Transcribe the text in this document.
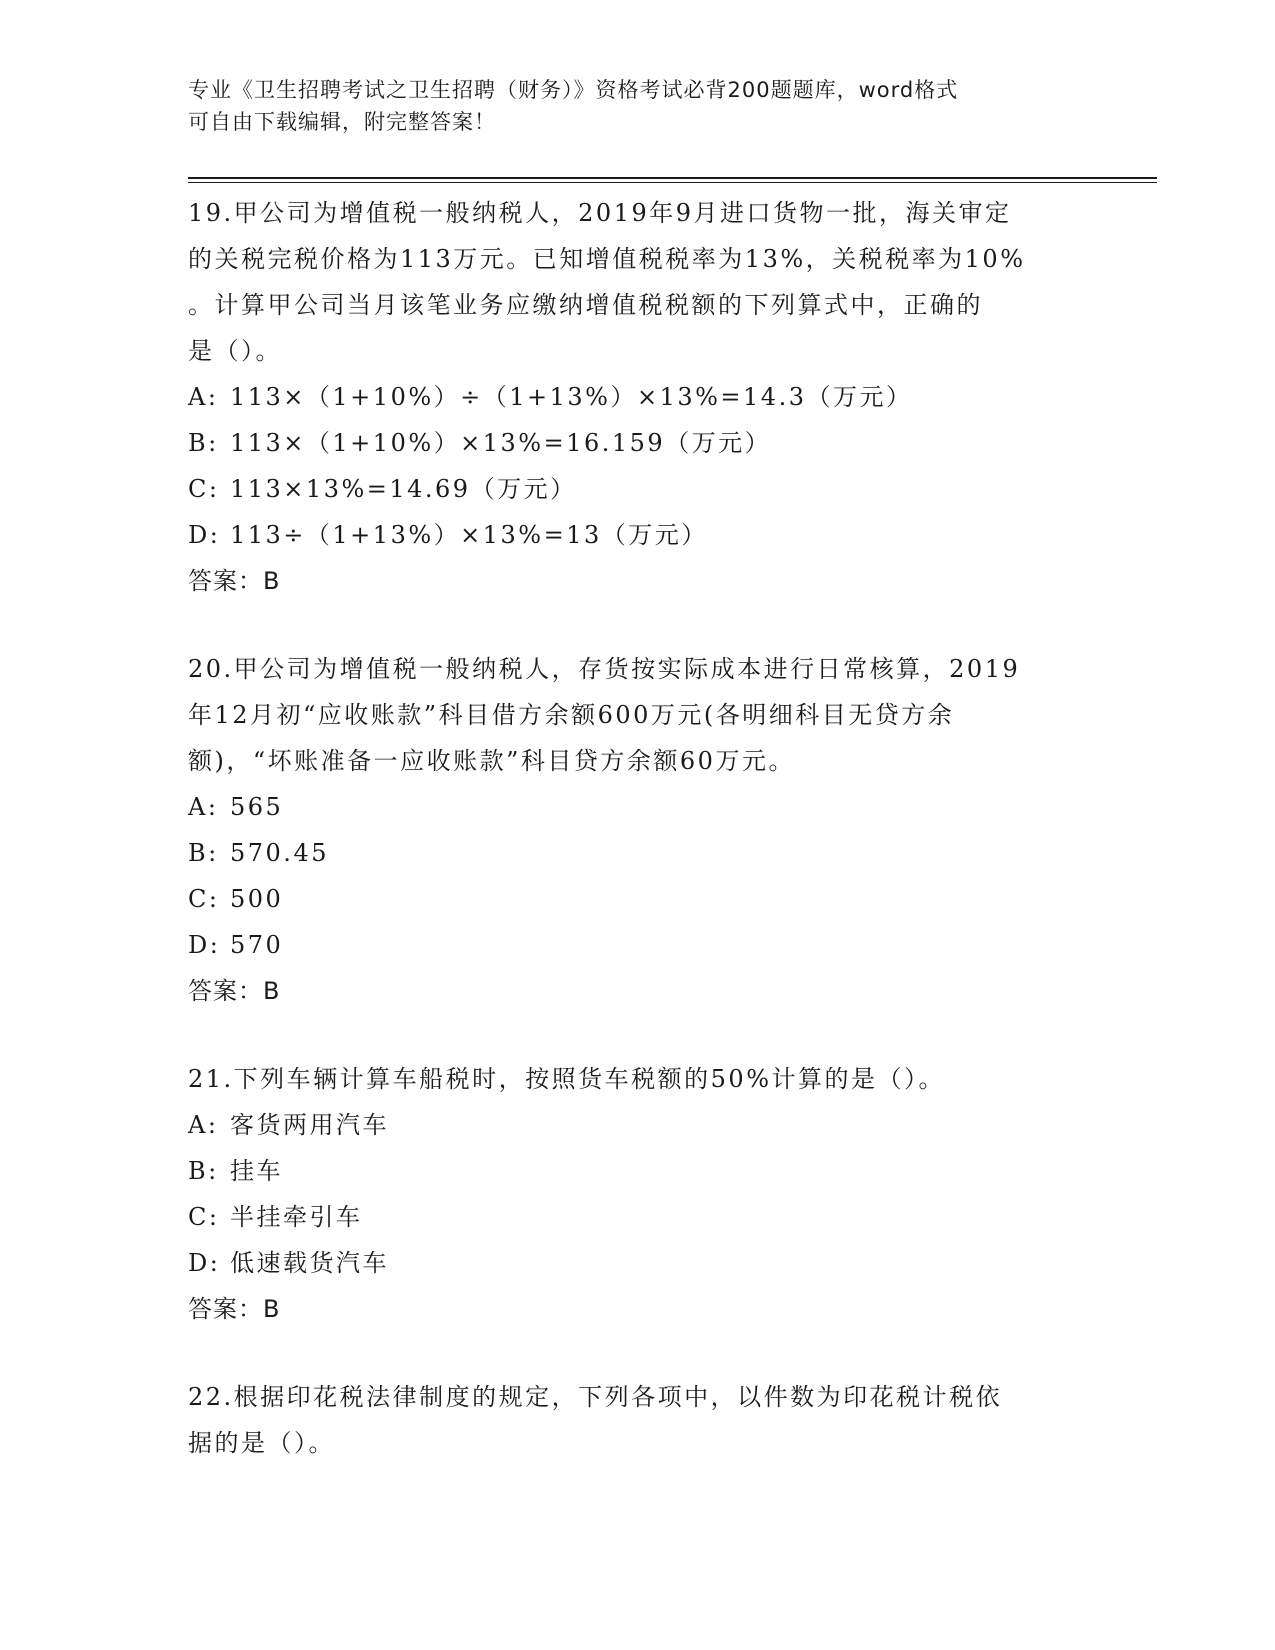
专业《卫生招聘考试之卫生招聘（财务）》资格考试必背200题题库，word格式
可自由下载编辑，附完整答案！
19.甲公司为增值税一般纳税人，2019年9月进口货物一批，海关审定
的关税完税价格为113万元。已知增值税税率为13%，关税税率为10%
。计算甲公司当月该笔业务应缴纳增值税税额的下列算式中，正确的
是（）。
A: 113×（1+10%）÷（1+13%）×13%=14.3（万元）
B: 113×（1+10%）×13%=16.159（万元）
C: 113×13%=14.69（万元）
D: 113÷（1+13%）×13%=13（万元）
答案：B
20.甲公司为增值税一般纳税人，存货按实际成本进行日常核算，2019
年12月初“应收账款”科目借方余额600万元(各明细科目无贷方余
额)，“坏账准备一应收账款”科目贷方余额60万元。
A: 565
B: 570.45
C: 500
D: 570
答案：B
21.下列车辆计算车船税时，按照货车税额的50%计算的是（）。
A: 客货两用汽车
B: 挂车
C: 半挂牵引车
D: 低速载货汽车
答案：B
22.根据印花税法律制度的规定，下列各项中，以件数为印花税计税依
据的是（）。
